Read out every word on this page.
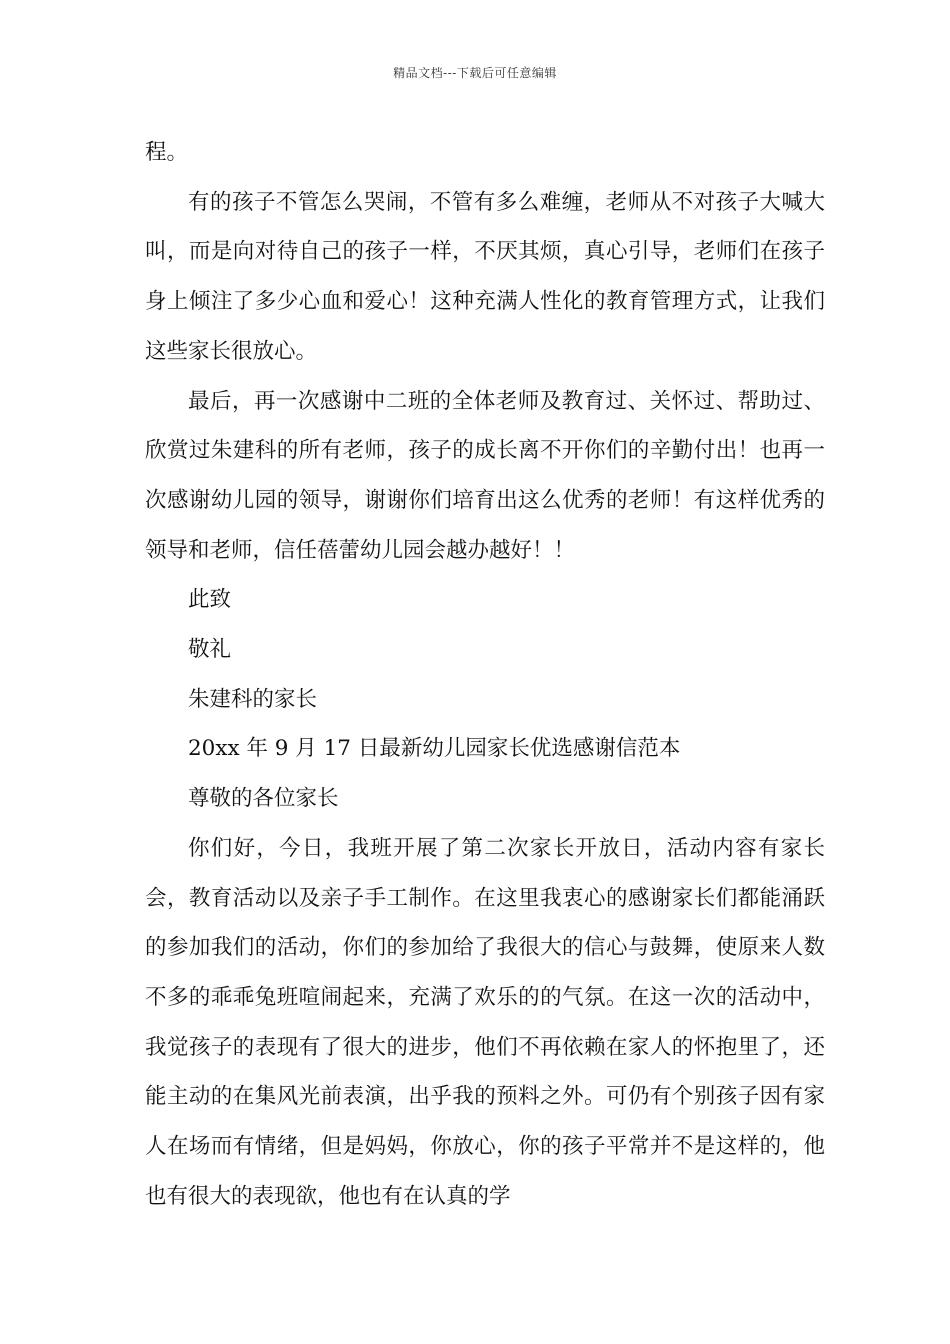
精品文档---下载后可任意编辑

程。

有的孩子不管怎么哭闹，不管有多么难缠，老师从不对孩子大喊大叫，而是向对待自己的孩子一样，不厌其烦，真心引导，老师们在孩子身上倾注了多少心血和爱心！这种充满人性化的教育管理方式，让我们这些家长很放心。

最后，再一次感谢中二班的全体老师及教育过、关怀过、帮助过、欣赏过朱建科的所有老师，孩子的成长离不开你们的辛勤付出！也再一次感谢幼儿园的领导，谢谢你们培育出这么优秀的老师！有这样优秀的领导和老师，信任蓓蕾幼儿园会越办越好！！

此致

敬礼

朱建科的家长

20xx 年 9 月 17 日最新幼儿园家长优选感谢信范本

尊敬的各位家长

你们好，今日，我班开展了第二次家长开放日，活动内容有家长会，教育活动以及亲子手工制作。在这里我衷心的感谢家长们都能涌跃的参加我们的活动，你们的参加给了我很大的信心与鼓舞，使原来人数不多的乖乖兔班喧闹起来，充满了欢乐的的气氛。在这一次的活动中，我觉孩子的表现有了很大的进步，他们不再依赖在家人的怀抱里了，还能主动的在集风光前表演，出乎我的预料之外。可仍有个别孩子因有家人在场而有情绪，但是妈妈，你放心，你的孩子平常并不是这样的，他也有很大的表现欲，他也有在认真的学
